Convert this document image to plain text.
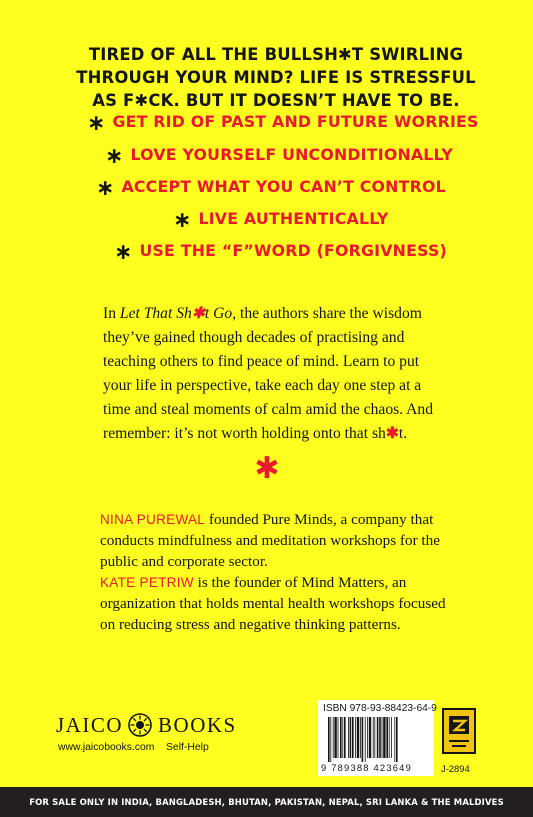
TIRED OF ALL THE BULLSH✱T SWIRLING
THROUGH YOUR MIND? LIFE IS STRESSFUL
AS F✱CK. BUT IT DOESN’T HAVE TO BE.
∗ GET RID OF PAST AND FUTURE WORRIES
∗ LOVE YOURSELF UNCONDITIONALLY
∗ ACCEPT WHAT YOU CAN’T CONTROL
∗ LIVE AUTHENTICALLY
∗ USE THE “F”WORD (FORGIVNESS)

In Let That Sh✱t Go, the authors share the wisdom they’ve gained though decades of practising and teaching others to find peace of mind. Learn to put your life in perspective, take each day one step at a time and steal moments of calm amid the chaos. And remember: it’s not worth holding onto that sh✱t.

✱

NINA PUREWAL founded Pure Minds, a company that conducts mindfulness and meditation workshops for the public and corporate sector.

KATE PETRIW is the founder of Mind Matters, an organization that holds mental health workshops focused on reducing stress and negative thinking patterns.

JAICO BOOKS
www.jaicobooks.com Self-Help
ISBN 978-93-88423-64-9
9 789388 423649	J-2894
FOR SALE ONLY IN INDIA, BANGLADESH, BHUTAN, PAKISTAN, NEPAL, SRI LANKA & THE MALDIVES
